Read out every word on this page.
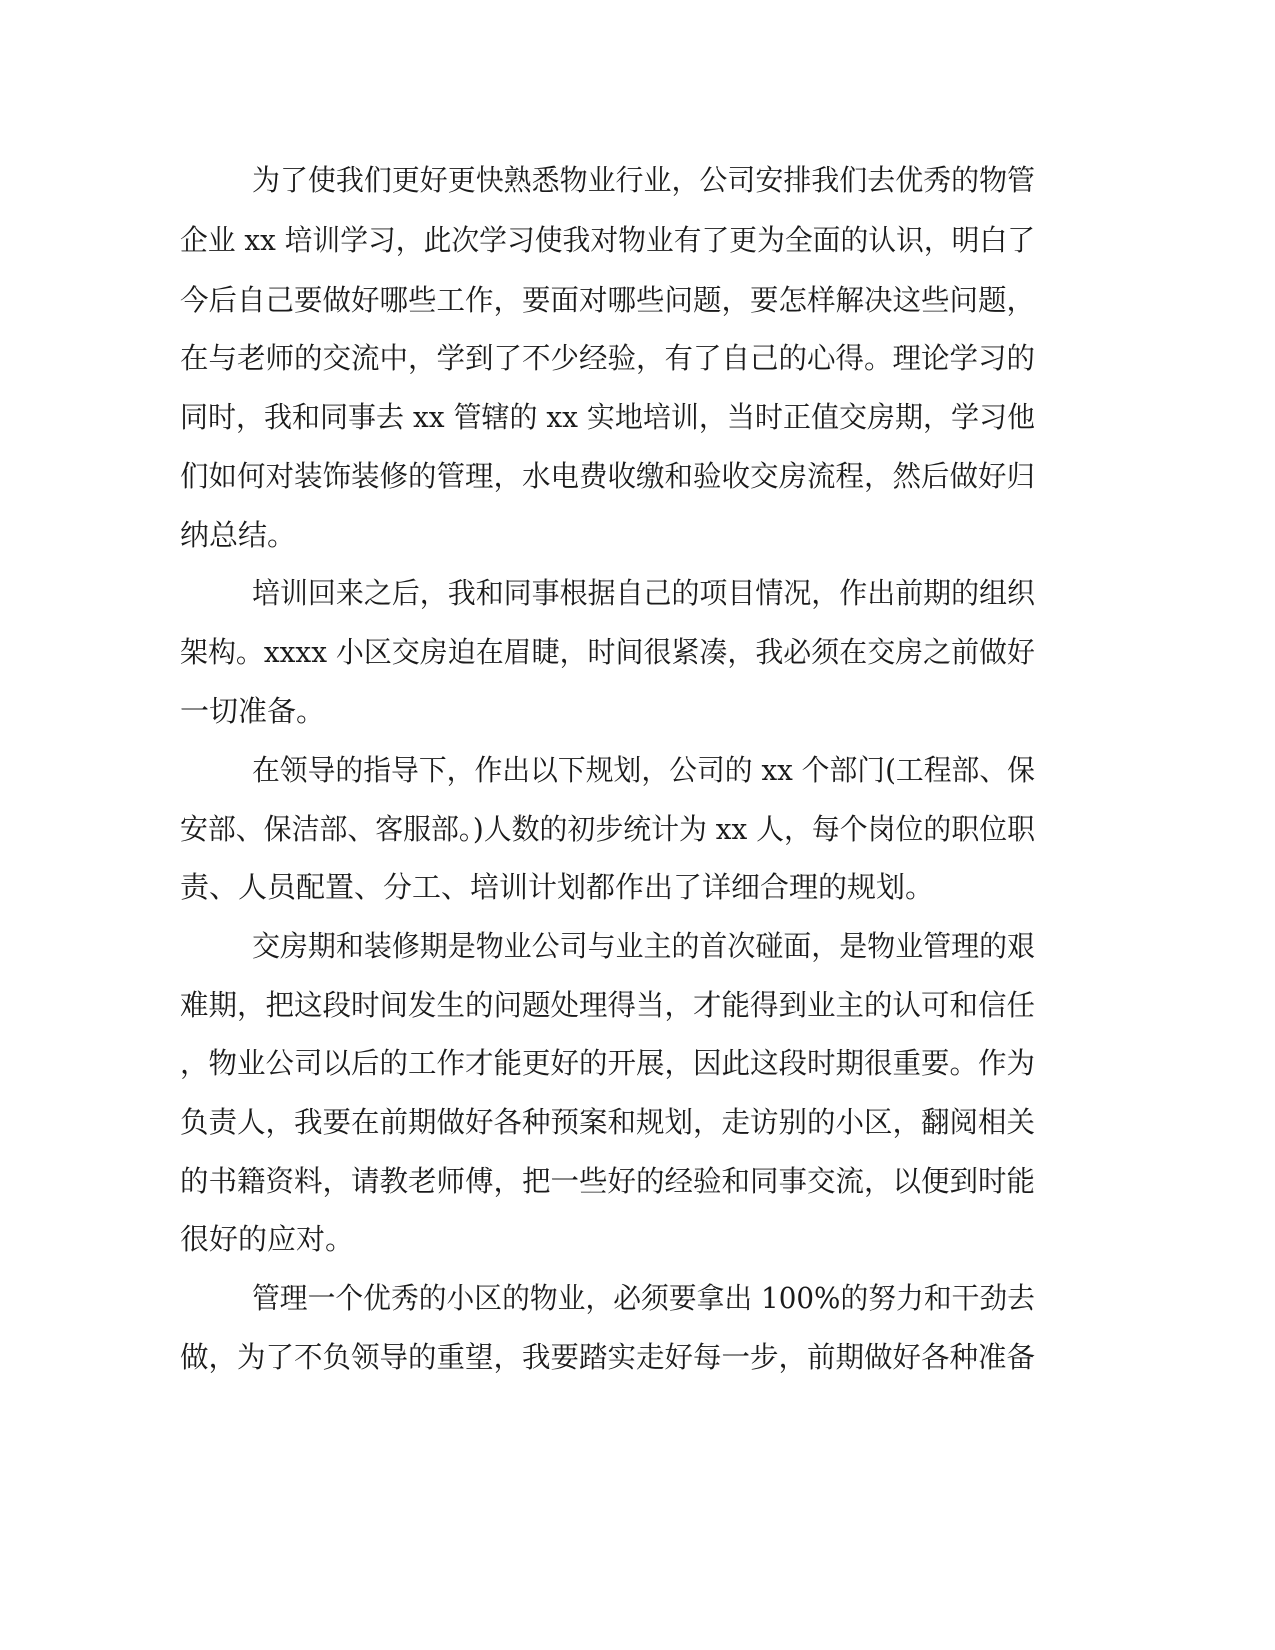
为了使我们更好更快熟悉物业行业，公司安排我们去优秀的物管

企业 xx 培训学习，此次学习使我对物业有了更为全面的认识，明白了

今后自己要做好哪些工作，要面对哪些问题，要怎样解决这些问题，

在与老师的交流中，学到了不少经验，有了自己的心得。理论学习的

同时，我和同事去 xx 管辖的 xx 实地培训，当时正值交房期，学习他

们如何对装饰装修的管理，水电费收缴和验收交房流程，然后做好归

纳总结。

培训回来之后，我和同事根据自己的项目情况，作出前期的组织

架构。xxxx 小区交房迫在眉睫，时间很紧凑，我必须在交房之前做好

一切准备。

在领导的指导下，作出以下规划，公司的 xx 个部门(工程部、保

安部、保洁部、客服部。)人数的初步统计为 xx 人，每个岗位的职位职

责、人员配置、分工、培训计划都作出了详细合理的规划。

交房期和装修期是物业公司与业主的首次碰面，是物业管理的艰

难期，把这段时间发生的问题处理得当，才能得到业主的认可和信任

，物业公司以后的工作才能更好的开展，因此这段时期很重要。作为

负责人，我要在前期做好各种预案和规划，走访别的小区，翻阅相关

的书籍资料，请教老师傅，把一些好的经验和同事交流，以便到时能

很好的应对。

管理一个优秀的小区的物业，必须要拿出 100%的努力和干劲去

做，为了不负领导的重望，我要踏实走好每一步，前期做好各种准备
